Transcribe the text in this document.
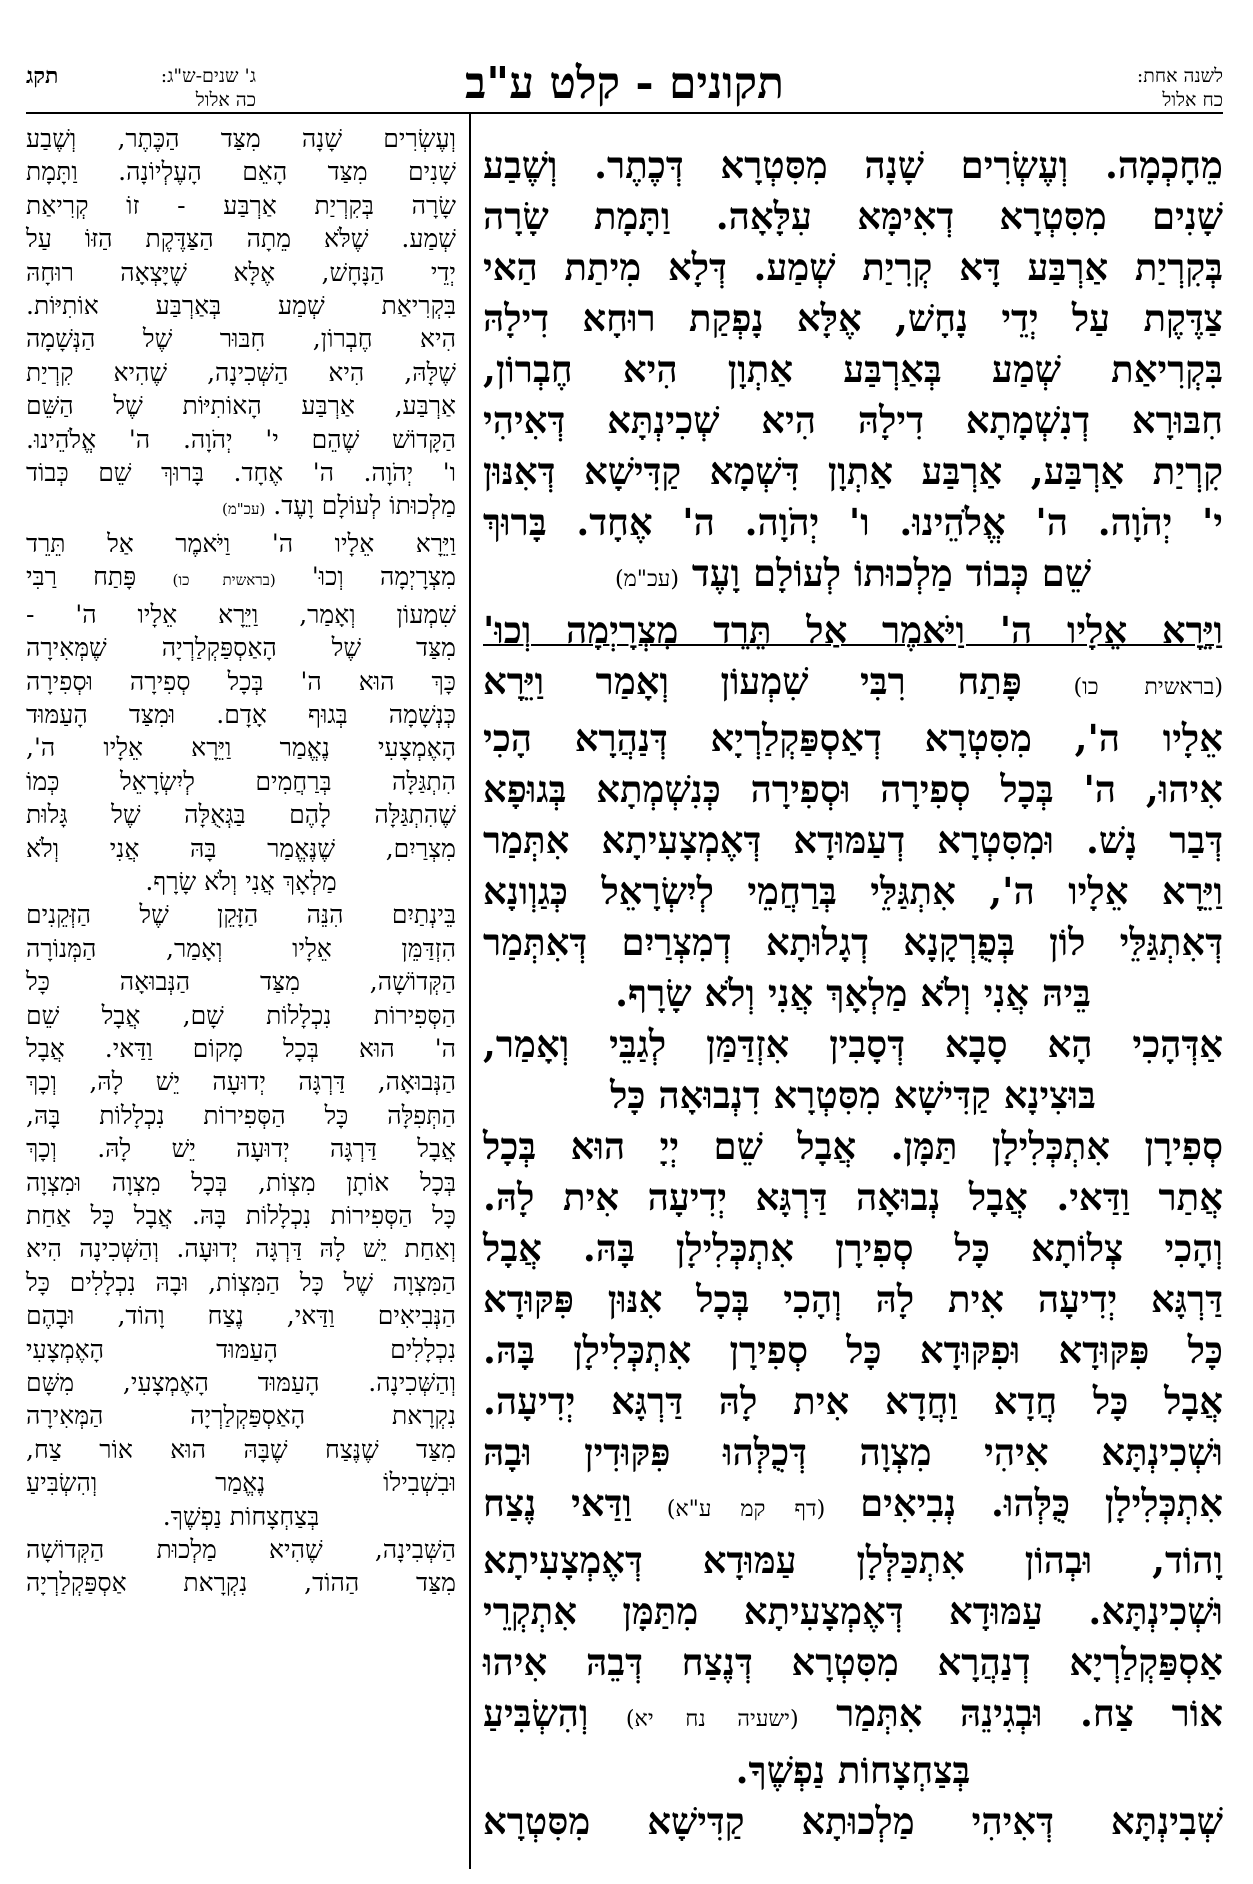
לשנה אחת:
כח אלול
תקונים - קלט ע"ב
ג' שנים-ש"ג:
כה אלול
תקג
מֵחָכְמָה. וְעֶשְׂרִים שָׁנָה מִסִּטְרָא דְּכֶתֶר. וְשֶׁבַע
שָׁנִים מִסִּטְרָא דְאִימָּא עִלָּאָה. וַתָּמָת שָׂרָה
בְּקִרְיַת אַרְבַּע דָּא קְרִיַת שְׁמַע. דְּלָא מִיתַת הַאי
צַדֶּקֶת עַל יְדֵי נָחָשׁ, אֶלָּא נָפְקַת רוּחָא דִילָהּ
בִּקְרִיאַת שְׁמַע בְּאַרְבַּע אַתְוָן הִיא חֶבְרוֹן,
חִבּוּרָא דְנִשְׁמָתָא דִילָהּ הִיא שְׁכִינְתָּא דְּאִיהִי
קִרְיַת אַרְבַּע, אַרְבַּע אַתְוָן דִּשְׁמָא קַדִּישָׁא דְּאִנּוּן
י' יְהֹוָה. ה' אֱלֹהֵינוּ. ו' יְהֹוָה. ה' אֶחָד. בָּרוּךְ
שֵׁם כְּבוֹד מַלְכוּתוֹ לְעוֹלָם וָעֶד (עכ"מ)
וַיֵּרָא אֵלָיו ה' וַיֹּאמֶר אַל תֵּרֵד מִצְרָיְמָה וְכוּ'
(בראשית כו) פָּתַח רִבִּי שִׁמְעוֹן וְאָמַר וַיֵּרָא
אֵלָיו ה', מִסִּטְרָא דְאַסְפַּקְלַרְיָא דְּנַהֲרָא הָכִי
אִיהוּ, ה' בְּכָל סְפִירָה וּסְפִירָה כְּנִשְׁמְתָא בְּגוּפָא
דְּבַר נָשׁ. וּמִסִּטְרָא דְעַמּוּדָא דְּאֶמְצָעִיתָא אִתְּמַר
וַיֵּרָא אֵלָיו ה', אִתְגַּלֵּי בְּרַחֲמֵי לְיִשְׂרָאֵל כְּגַוְונָא
דְּאִתְגַּלֵּי לוֹן בְּפֻרְקָנָא דְגָלוּתָא דְמִצְרַיִם דְּאִתְּמַר
בֵּיהּ אֲנִי וְלֹא מַלְאָךְ אֲנִי וְלֹא שָׂרָף.
אַדְּהָכִי הָא סָבָא דְּסָבִין אִזְדַּמַּן לְגַבֵּי וְאָמַר,
בּוּצִינָא קַדִּישָׁא מִסִּטְרָא דִנְבוּאָה כָּל
סְפִירָן אִתְכְּלִילָן תַּמָּן. אֲבָל שֵׁם יְיָ הוּא בְּכָל
אֲתַר וַדַּאי. אֲבָל נְבוּאָה דַּרְגָּא יְדִיעָה אִית לָהּ.
וְהָכִי צְלוֹתָא כָּל סְפִירָן אִתְכְּלִילָן בָּהּ. אֲבָל
דַּרְגָּא יְדִיעָה אִית לָהּ וְהָכִי בְּכָל אִנּוּן פִּקּוּדָא
כָּל פִּקּוּדָא וּפִקּוּדָא כָּל סְפִירָן אִתְכְּלִילָן בָּהּ.
אֲבָל כָּל חֲדָא וַחֲדָא אִית לָהּ דַּרְגָּא יְדִיעָה.
וּשְׁכִינְתָּא אִיהִי מִצְוָה דְּכֻלְּהוּ פִּקּוּדִין וּבָהּ
אִתְכְּלִילָן כֻּלְּהוּ. נְבִיאִים (דף קמ ע"א) וַדַּאי נֶצַח
וָהוֹד, וּבְהוֹן אִתְכַּלְּלָן עַמּוּדָא דְּאֶמְצָעִיתָא
וּשְׁכִינְתָּא. עַמּוּדָא דְּאֶמְצָעִיתָא מִתַּמָּן אִתְקְרֵי
אַסְפַּקְלַרְיָא דְנַהֲרָא מִסִּטְרָא דְּנֶצַח דְּבֵהּ אִיהוּ
אוֹר צַח. וּבְגִינֵהּ אִתְּמַר (ישעיה נח יא) וְהִשְׂבִּיעַ
בְּצַחְצָחוֹת נַפְשֶׁךָ.
שְׁבִינְתָּא דְּאִיהִי מַלְכוּתָא קַדִּישָׁא מִסִּטְרָא
וְעֶשְׂרִים שָׁנָה מִצַּד הַכֶּתֶר, וְשֶׁבַע
שָׁנִים מִצַּד הָאֵם הָעֶלְיוֹנָה. וַתָּמָת
שָׂרָה בְּקִרְיַת אַרְבַּע - זוֹ קְרִיאַת
שְׁמַע. שֶׁלֹּא מֵתָה הַצַּדֶּקֶת הַזּוֹ עַל
יְדֵי הַנָּחָשׁ, אֶלָּא שֶׁיָּצְאָה רוּחָהּ
בִּקְרִיאַת שְׁמַע בְּאַרְבַּע אוֹתִיּוֹת.
הִיא חֶבְרוֹן, חִבּוּר שֶׁל הַנְּשָׁמָה
שֶׁלָּהּ, הִיא הַשְּׁכִינָה, שֶׁהִיא קִרְיַת
אַרְבַּע, אַרְבַּע הָאוֹתִיּוֹת שֶׁל הַשֵּׁם
הַקָּדוֹשׁ שֶׁהֵם י' יְהֹוָה. ה' אֱלֹהֵינוּ.
ו' יְהֹוָה. ה' אֶחָד. בָּרוּךְ שֵׁם כְּבוֹד
מַלְכוּתוֹ לְעוֹלָם וָעֶד. (עכ"מ)
וַיֵּרָא אֵלָיו ה' וַיֹּאמֶר אַל תֵּרֵד
מִצְרָיְמָה וְכוּ' (בראשית כו) פָּתַח רַבִּי
שִׁמְעוֹן וְאָמַר, וַיֵּרָא אֵלָיו ה' -
מִצַּד שֶׁל הָאַסְפַּקְלַרְיָה שֶׁמְּאִירָה
כָּךְ הוּא ה' בְּכָל סְפִירָה וּסְפִירָה
כְּנְשָׁמָה בְּגוּף אָדָם. וּמִצַּד הָעַמּוּד
הָאֶמְצָעִי נֶאֱמַר וַיֵּרָא אֵלָיו ה',
הִתְגַּלָּה בְּרַחֲמִים לְיִשְׂרָאֵל כְּמוֹ
שֶׁהִתְגַּלָּה לָהֶם בַּגְּאֻלָּה שֶׁל גָּלוּת
מִצְרַיִם, שֶׁנֶּאֱמַר בָּהּ אֲנִי וְלֹא
מַלְאָךְ אֲנִי וְלֹא שָׂרָף.
בֵּינְתַיִם הִנֵּה הַזָּקֵן שֶׁל הַזְּקֵנִים
הִזְדַּמֵּן אֵלָיו וְאָמַר, הַמְּנוֹרָה
הַקְּדוֹשָׁה, מִצַּד הַנְּבוּאָה כָּל
הַסְּפִירוֹת נִכְלָלוֹת שָׁם, אֲבָל שֵׁם
ה' הוּא בְּכָל מָקוֹם וַדַּאי. אֲבָל
הַנְּבוּאָה, דַּרְגָּה יְדוּעָה יֵשׁ לָהּ, וְכָךְ
הַתְּפִלָּה כָּל הַסְּפִירוֹת נִכְלָלוֹת בָּהּ,
אֲבָל דַּרְגָּה יְדוּעָה יֵשׁ לָהּ. וְכָךְ
בְּכָל אוֹתָן מִצְוֹת, בְּכָל מִצְוָה וּמִצְוָה
כָּל הַסְּפִירוֹת נִכְלָלוֹת בָּהּ. אֲבָל כָּל אַחַת
וְאַחַת יֵשׁ לָהּ דַּרְגָּה יְדוּעָה. וְהַשְּׁכִינָה הִיא
הַמִּצְוָה שֶׁל כָּל הַמִּצְוֹת, וּבָהּ נִכְלָלִים כָּל
הַנְּבִיאִים וַדַּאי, נֶצַח וָהוֹד, וּבָהֶם
נִכְלָלִים הָעַמּוּד הָאֶמְצָעִי
וְהַשְּׁכִינָה. הָעַמּוּד הָאֶמְצָעִי, מִשָּׁם
נִקְרָאת הָאַסְפַּקְלַרְיָה הַמְּאִירָה
מִצַּד שֶׁנֶּצַח שֶׁבָּהּ הוּא אוֹר צַח,
וּבִשְׁבִילוֹ נֶאֱמַר וְהִשְׂבִּיעַ
בְּצַחְצָחוֹת נַפְשֶׁךָ.
הַשְּׁבִינָה, שֶׁהִיא מַלְכוּת הַקְּדוֹשָׁה
מִצַּד הַהוֹד, נִקְרָאת אַסְפַּקְלַרְיָה
